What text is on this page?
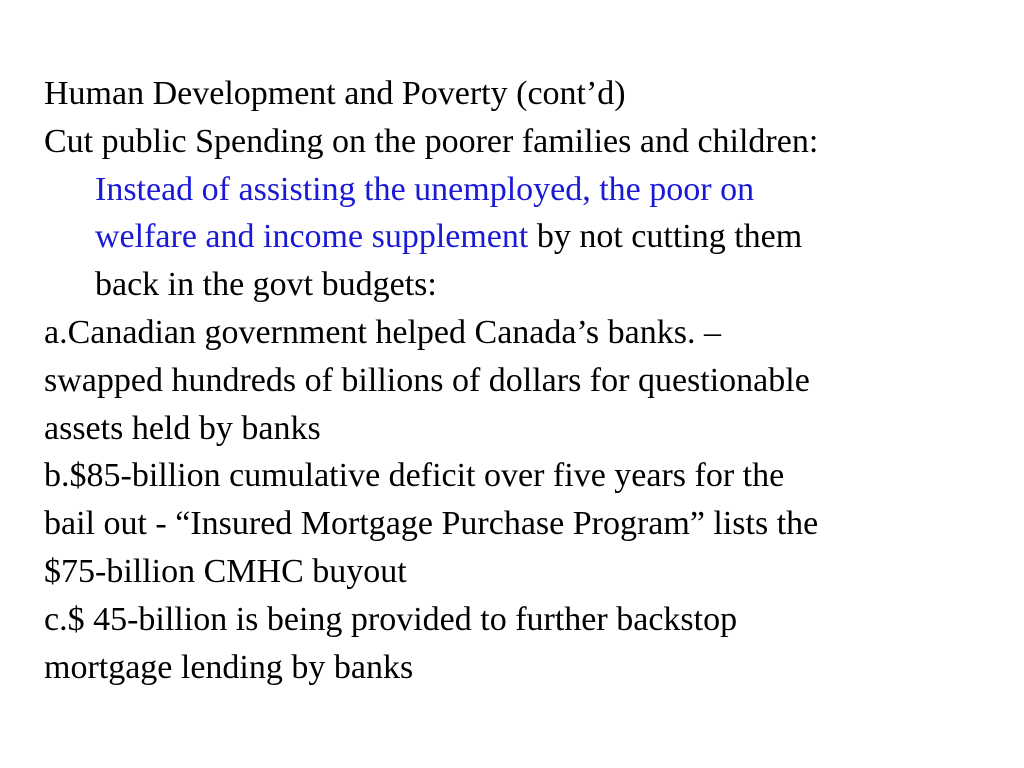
Human Development and Poverty (cont’d)
Cut public Spending on the poorer families and children:
Instead of assisting the unemployed, the poor on
welfare and income supplement by not cutting them
back in the govt budgets:
a.Canadian government helped Canada’s banks. –
swapped hundreds of billions of dollars for questionable
assets held by banks
b.$85-billion cumulative deficit over five years for the
bail out - “Insured Mortgage Purchase Program” lists the
$75-billion CMHC buyout
c.$ 45-billion is being provided to further backstop
mortgage lending by banks
